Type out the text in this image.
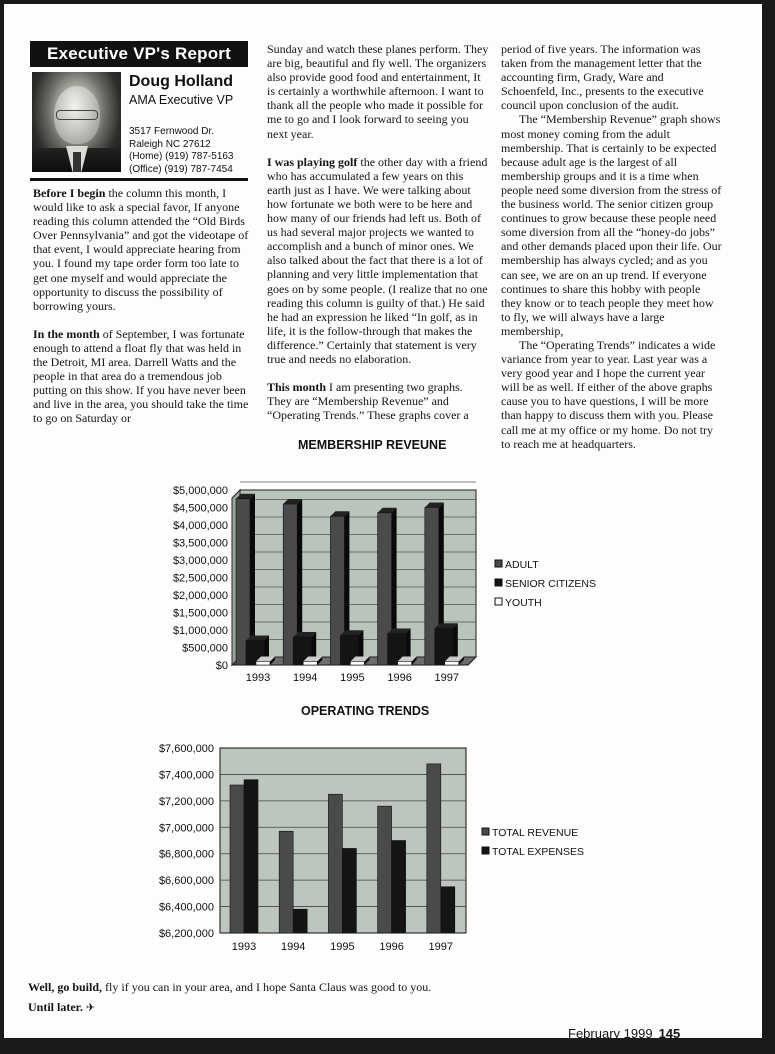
Executive VP's Report
Doug Holland
AMA Executive VP
3517 Fernwood Dr.
Raleigh NC 27612
(Home) (919) 787-5163
(Office) (919) 787-7454

Before I begin the column this month, I would like to ask a special favor, If anyone reading this column attended the “Old Birds Over Pennsylvania” and got the videotape of that event, I would appreciate hearing from you. I found my tape order form too late to get one myself and would appreciate the opportunity to discuss the possibility of borrowing yours.

In the month of September, I was fortunate enough to attend a float fly that was held in the Detroit, MI area. Darrell Watts and the people in that area do a tremendous job putting on this show. If you have never been and live in the area, you should take the time to go on Saturday or

Sunday and watch these planes perform. They are big, beautiful and fly well. The organizers also provide good food and entertainment, It is certainly a worthwhile afternoon. I want to thank all the people who made it possible for me to go and I look forward to seeing you next year.

I was playing golf the other day with a friend who has accumulated a few years on this earth just as I have. We were talking about how fortunate we both were to be here and how many of our friends had left us. Both of us had several major projects we wanted to accomplish and a bunch of minor ones. We also talked about the fact that there is a lot of planning and very little implementation that goes on by some people. (I realize that no one reading this column is guilty of that.) He said he had an expression he liked “In golf, as in life, it is the follow-through that makes the difference.” Certainly that statement is very true and needs no elaboration.

This month I am presenting two graphs. They are “Membership Revenue” and “Operating Trends.” These graphs cover a

period of five years. The information was taken from the management letter that the accounting firm, Grady, Ware and Schoenfeld, Inc., presents to the executive council upon conclusion of the audit.

The “Membership Revenue” graph shows most money coming from the adult membership. That is certainly to be expected because adult age is the largest of all membership groups and it is a time when people need some diversion from the stress of the business world. The senior citizen group continues to grow because these people need some diversion from all the “honey-do jobs” and other demands placed upon their life. Our membership has always cycled; and as you can see, we are on an up trend. If everyone continues to share this hobby with people they know or to teach people they meet how to fly, we will always have a large membership,

The “Operating Trends” indicates a wide variance from year to year. Last year was a very good year and I hope the current year will be as well. If either of the above graphs cause you to have questions, I will be more than happy to discuss them with you. Please call me at my office or my home. Do not try to reach me at headquarters.

MEMBERSHIP REVEUNE
$0
$500,000
$1,000,000
$1,500,000
$2,000,000
$2,500,000
$3,000,000
$3,500,000
$4,000,000
$4,500,000
$5,000,000
1993 1994 1995 1996 1997
ADULT
SENIOR CITIZENS
YOUTH
OPERATING TRENDS
$6,200,000
$6,400,000
$6,600,000
$6,800,000
$7,000,000
$7,200,000
$7,400,000
$7,600,000
1993 1994 1995 1996 1997
TOTAL REVENUE
TOTAL EXPENSES
Well, go build, fly if you can in your area, and I hope Santa Claus was good to you.
Until later. ✈
February 1999 145
